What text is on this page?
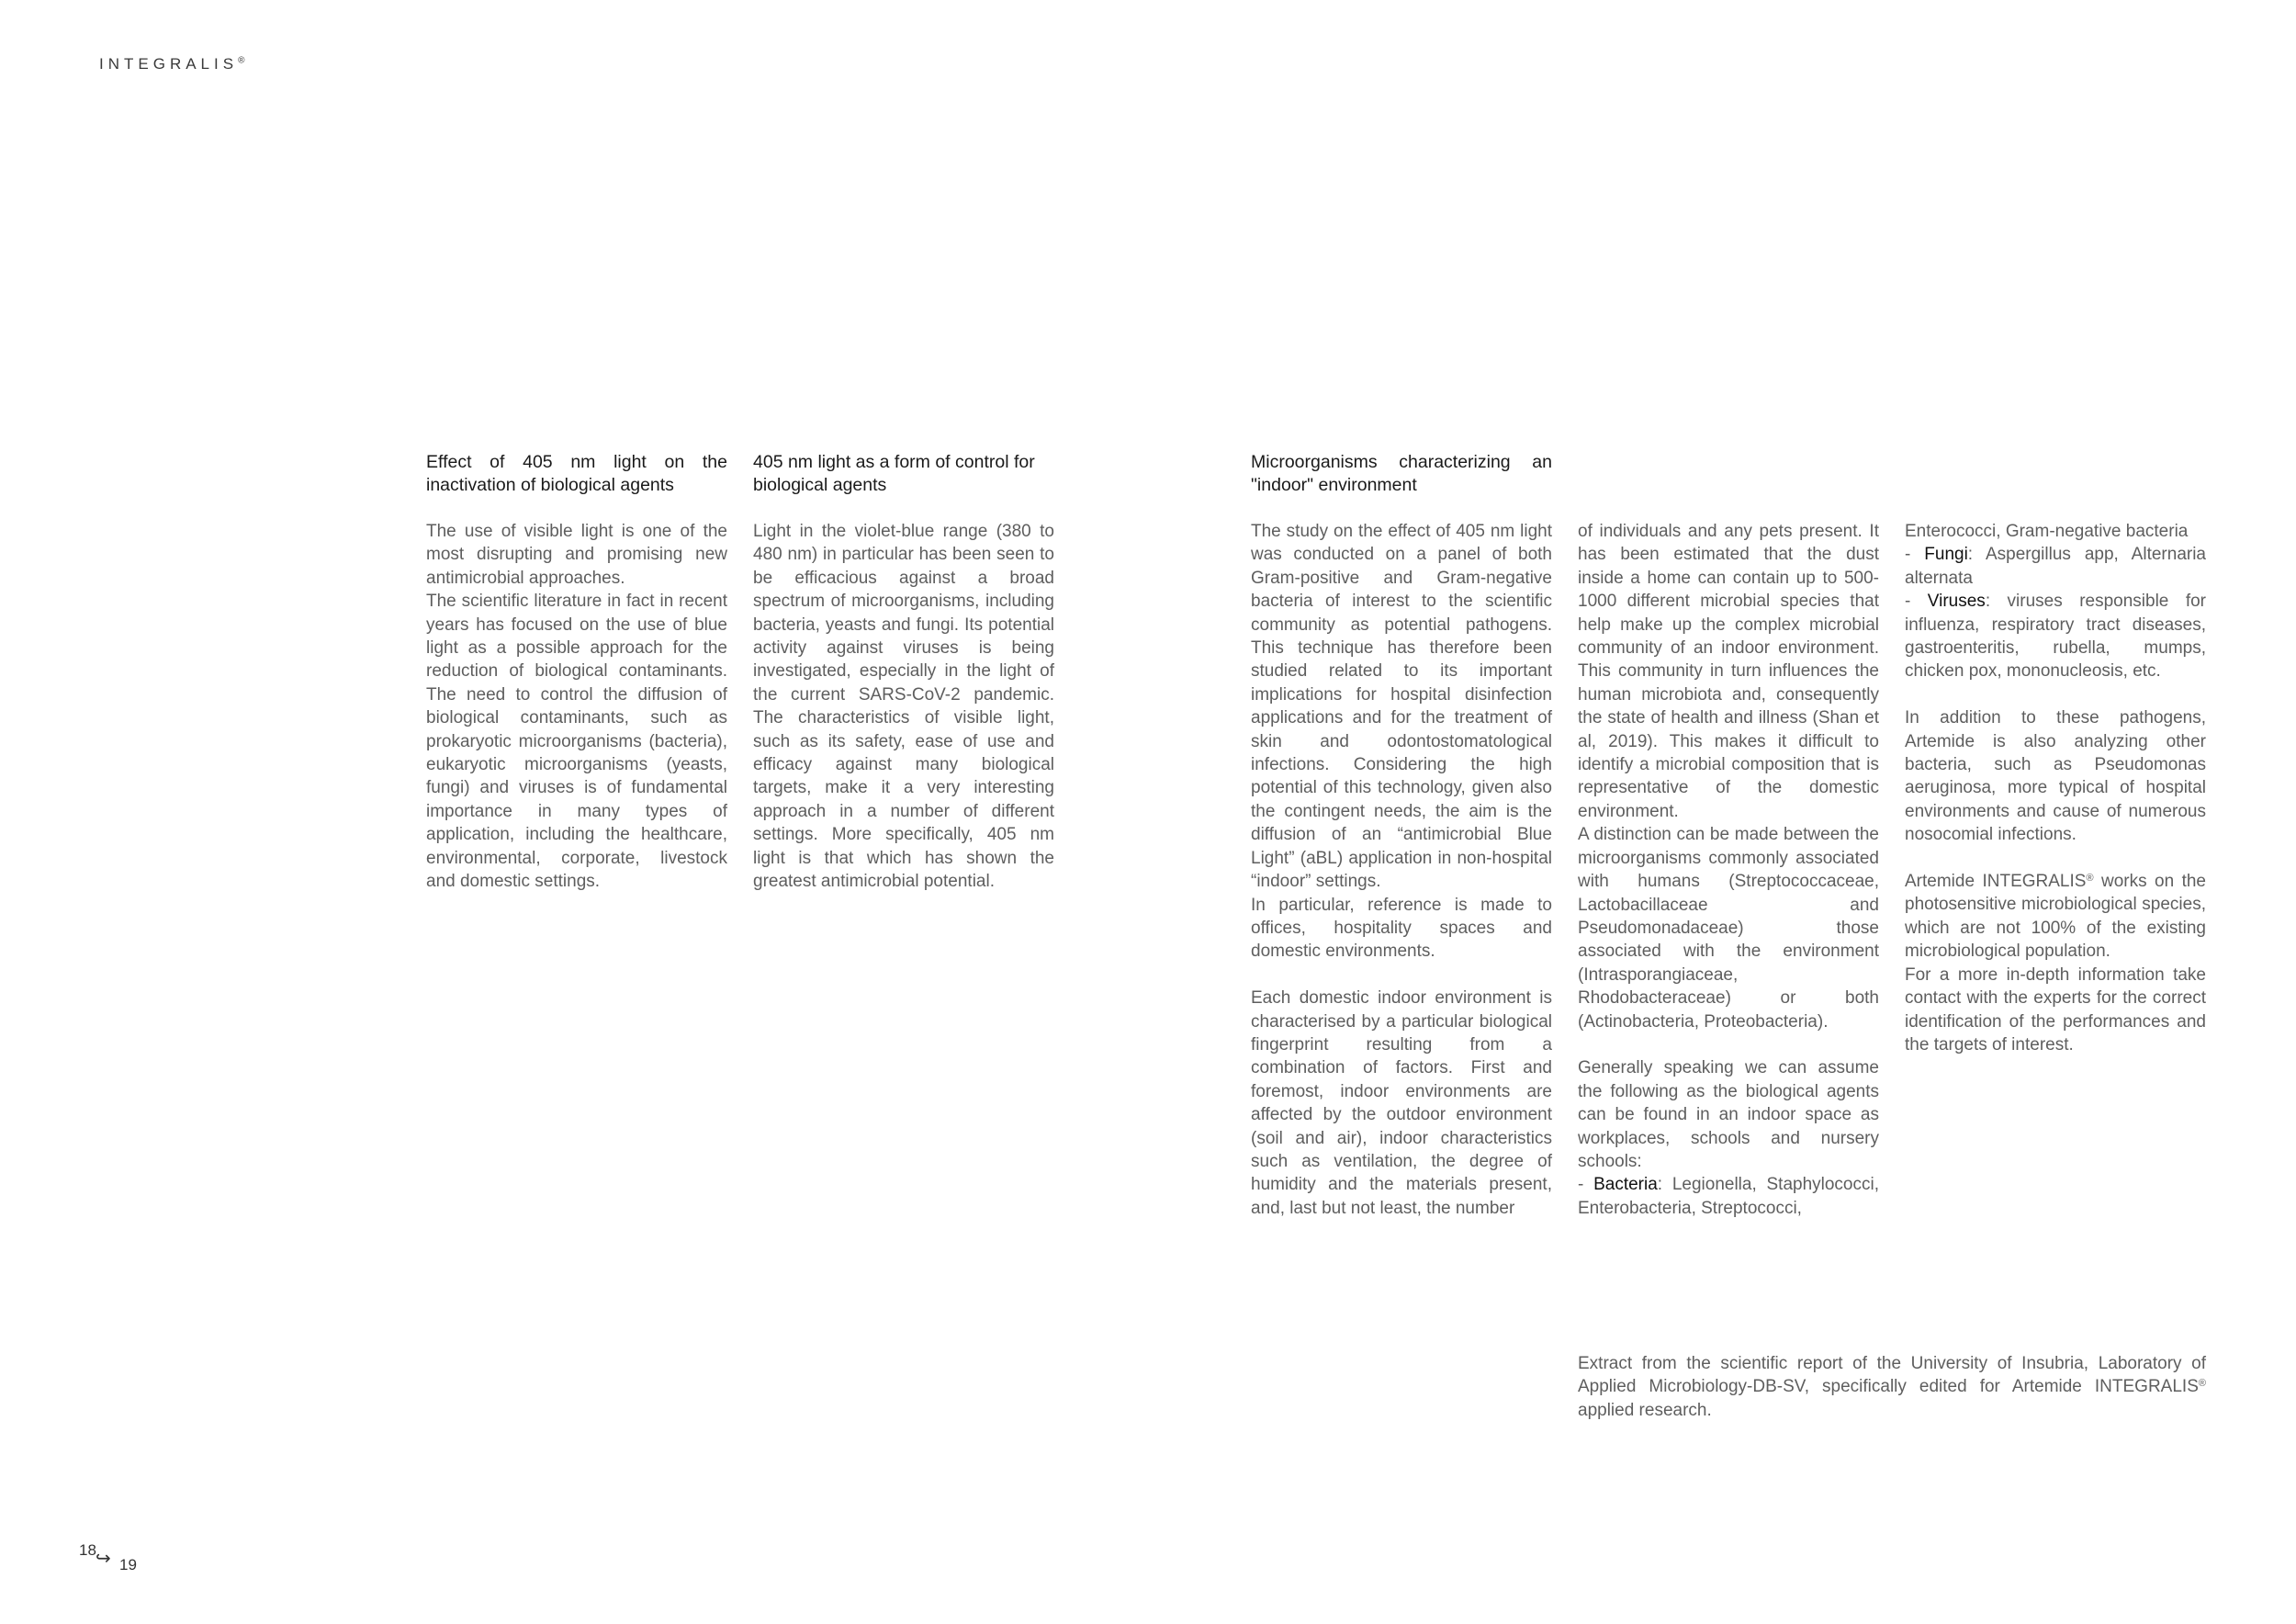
INTEGRALIS®
Effect of 405 nm light on the inactivation of biological agents

The use of visible light is one of the most disrupting and promising new antimicrobial approaches.

The scientific literature in fact in recent years has focused on the use of blue light as a possible approach for the reduction of biological contaminants. The need to control the diffusion of biological contaminants, such as prokaryotic microorganisms (bacteria), eukaryotic microorganisms (yeasts, fungi) and viruses is of fundamental importance in many types of application, including the healthcare, environmental, corporate, livestock and domestic settings.

405 nm light as a form of control for biological agents

Light in the violet-blue range (380 to 480 nm) in particular has been seen to be efficacious against a broad spectrum of microorganisms, including bacteria, yeasts and fungi. Its potential activity against viruses is being investigated, especially in the light of the current SARS-CoV-2 pandemic. The characteristics of visible light, such as its safety, ease of use and efficacy against many biological targets, make it a very interesting approach in a number of different settings. More specifically, 405 nm light is that which has shown the greatest antimicrobial potential.

Microorganisms characterizing an "indoor" environment

The study on the effect of 405 nm light was conducted on a panel of both Gram-positive and Gram-negative bacteria of interest to the scientific community as potential pathogens. This technique has therefore been studied related to its important implications for hospital disinfection applications and for the treatment of skin and odontostomatological infections. Considering the high potential of this technology, given also the contingent needs, the aim is the diffusion of an “antimicrobial Blue Light” (aBL) application in non-hospital “indoor” settings.

In particular, reference is made to offices, hospitality spaces and domestic environments.

Each domestic indoor environment is characterised by a particular biological fingerprint resulting from a combination of factors. First and foremost, indoor environments are affected by the outdoor environment (soil and air), indoor characteristics such as ventilation, the degree of humidity and the materials present, and, last but not least, the number

of individuals and any pets present. It has been estimated that the dust inside a home can contain up to 500-1000 different microbial species that help make up the complex microbial community of an indoor environment. This community in turn influences the human microbiota and, consequently the state of health and illness (Shan et al, 2019). This makes it difficult to identify a microbial composition that is representative of the domestic environment.

A distinction can be made between the microorganisms commonly associated with humans (Streptococcaceae, Lactobacillaceae and Pseudomonadaceae) those associated with the environment (Intrasporangiaceae, Rhodobacteraceae) or both (Actinobacteria, Proteobacteria).

Generally speaking we can assume the following as the biological agents can be found in an indoor space as workplaces, schools and nursery schools:

- Bacteria: Legionella, Staphylococci, Enterobacteria, Streptococci,

Enterococci, Gram-negative bacteria

- Fungi: Aspergillus app, Alternaria alternata

- Viruses: viruses responsible for influenza, respiratory tract diseases, gastroenteritis, rubella, mumps, chicken pox, mononucleosis, etc.

In addition to these pathogens, Artemide is also analyzing other bacteria, such as Pseudomonas aeruginosa, more typical of hospital environments and cause of numerous nosocomial infections.

Artemide INTEGRALIS® works on the photosensitive microbiological species, which are not 100% of the existing microbiological population.

For a more in-depth information take contact with the experts for the correct identification of the performances and the targets of interest.

Extract from the scientific report of the University of Insubria, Laboratory of Applied Microbiology-DB-SV, specifically edited for Artemide INTEGRALIS® applied research.
18 ↪ 19
